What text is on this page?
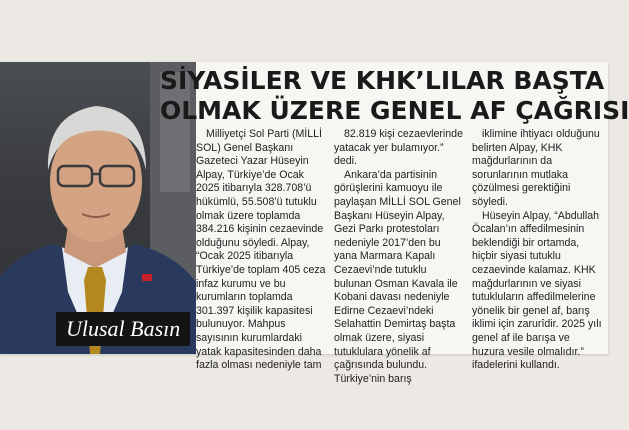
Ulusal Basın
SİYASİLER VE KHK’LILAR BAŞTA
OLMAK ÜZERE GENEL AF ÇAĞRISI

Milliyetçi Sol Parti (MİLLİ SOL) Genel Başkanı Gazeteci Yazar Hüseyin Alpay, Türkiye’de Ocak 2025 itibarıyla 328.708’ü hükümlü, 55.508’ü tutuklu olmak üzere toplamda 384.216 kişinin cezaevinde olduğunu söyledi. Alpay, “Ocak 2025 itibarıyla Türkiye’de toplam 405 ceza infaz kurumu ve bu kurumların toplamda 301.397 kişilik kapasitesi bulunuyor. Mahpus sayısının kurumlardaki yatak kapasitesinden daha fazla olması nedeniyle tam

82.819 kişi cezaevlerinde yatacak yer bulamıyor.” dedi.

Ankara’da partisinin görüşlerini kamuoyu ile paylaşan MİLLİ SOL Genel Başkanı Hüseyin Alpay, Gezi Parkı protestoları nedeniyle 2017’den bu yana Marmara Kapalı Cezaevi’nde tutuklu bulunan Osman Kavala ile Kobani davası nedeniyle Edirne Cezaevi’ndeki Selahattin Demirtaş başta olmak üzere, siyasi tutuklulara yönelik af çağrısında bulundu. Türkiye’nin barış

iklimine ihtiyacı olduğunu belirten Alpay, KHK mağdurlarının da sorunlarının mutlaka çözülmesi gerektiğini söyledi.

Hüseyin Alpay, “Abdullah Öcalan’ın affedilmesinin beklendiği bir ortamda, hiçbir siyasi tutuklu cezaevinde kalamaz. KHK mağdurlarının ve siyasi tutukluların affedilmelerine yönelik bir genel af, barış iklimi için zarurîdir. 2025 yılı genel af ile barışa ve huzura vesile olmalıdır.” ifadelerini kullandı.
